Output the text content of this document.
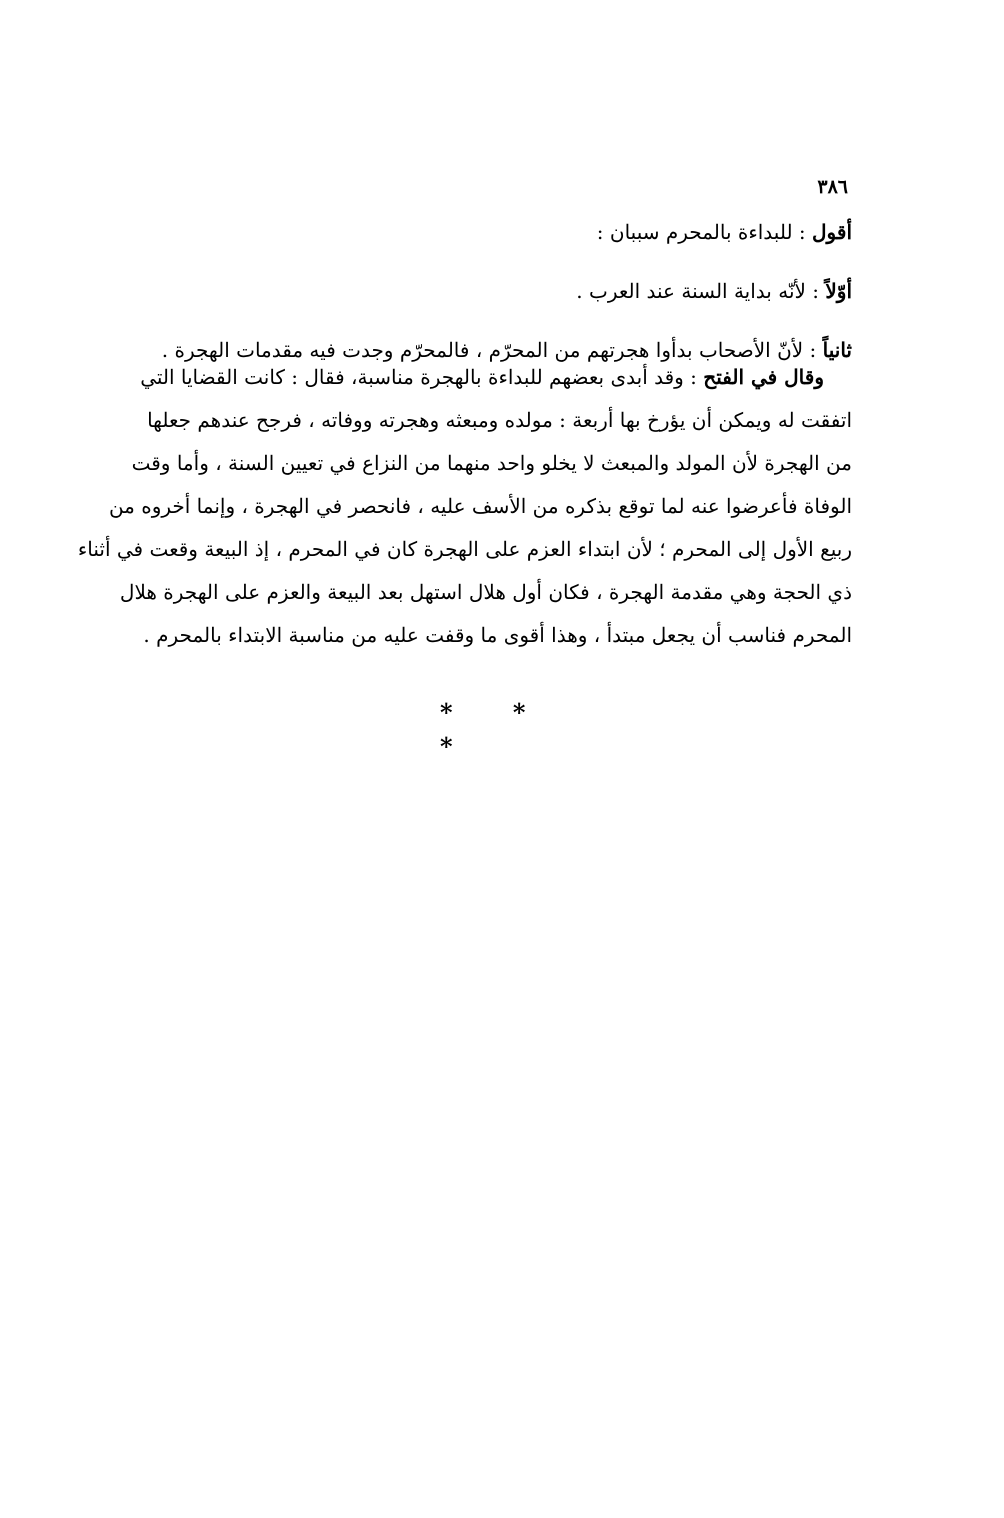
٣٨٦
أقول : للبداءة بالمحرم سببان :
أوّلاً : لأنّه بداية السنة عند العرب .
ثانياً : لأنّ الأصحاب بدأوا هجرتهم من المحرّم ، فالمحرّم وجدت فيه مقدمات الهجرة .
وقال في الفتح : وقد أبدى بعضهم للبداءة بالهجرة مناسبة، فقال : كانت القضايا التي
اتفقت له ويمكن أن يؤرخ بها أربعة : مولده ومبعثه وهجرته ووفاته ، فرجح عندهم جعلها
من الهجرة لأن المولد والمبعث لا يخلو واحد منهما من النزاع في تعيين السنة ، وأما وقت
الوفاة فأعرضوا عنه لما توقع بذكره من الأسف عليه ، فانحصر في الهجرة ، وإنما أخروه من
ربيع الأول إلى المحرم ؛ لأن ابتداء العزم على الهجرة كان في المحرم ، إذ البيعة وقعت في أثناء
ذي الحجة وهي مقدمة الهجرة ، فكان أول هلال استهل بعد البيعة والعزم على الهجرة هلال
المحرم فناسب أن يجعل مبتدأ ، وهذا أقوى ما وقفت عليه من مناسبة الابتداء بالمحرم .
* * *
